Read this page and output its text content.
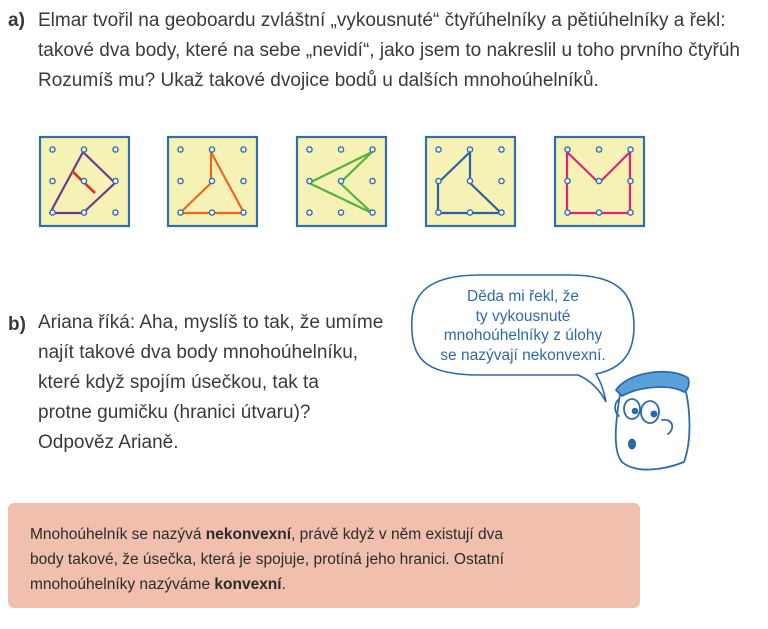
a) Elmar tvořil na geoboardu zvláštní „vykousnuté“ čtyřúhelníky a pětiúhelníky a řekl:
takové dva body, které na sebe „nevidí“, jako jsem to nakreslil u toho prvního čtyřúh
Rozumíš mu? Ukaž takové dvojice bodů u dalších mnohoúhelníků.
b) Ariana říká: Aha, myslíš to tak, že umíme
najít takové dva body mnohoúhelníku,
které když spojím úsečkou, tak ta
protne gumičku (hranici útvaru)?
Odpověz Arianě.
Děda mi řekl, že
ty vykousnuté
mnohoúhelníky z úlohy
se nazývají nekonvexní.

Mnohoúhelník se nazývá nekonvexní, právě když v něm existují dva
body takové, že úsečka, která je spojuje, protíná jeho hranici. Ostatní
mnohoúhelníky nazýváme konvexní.
